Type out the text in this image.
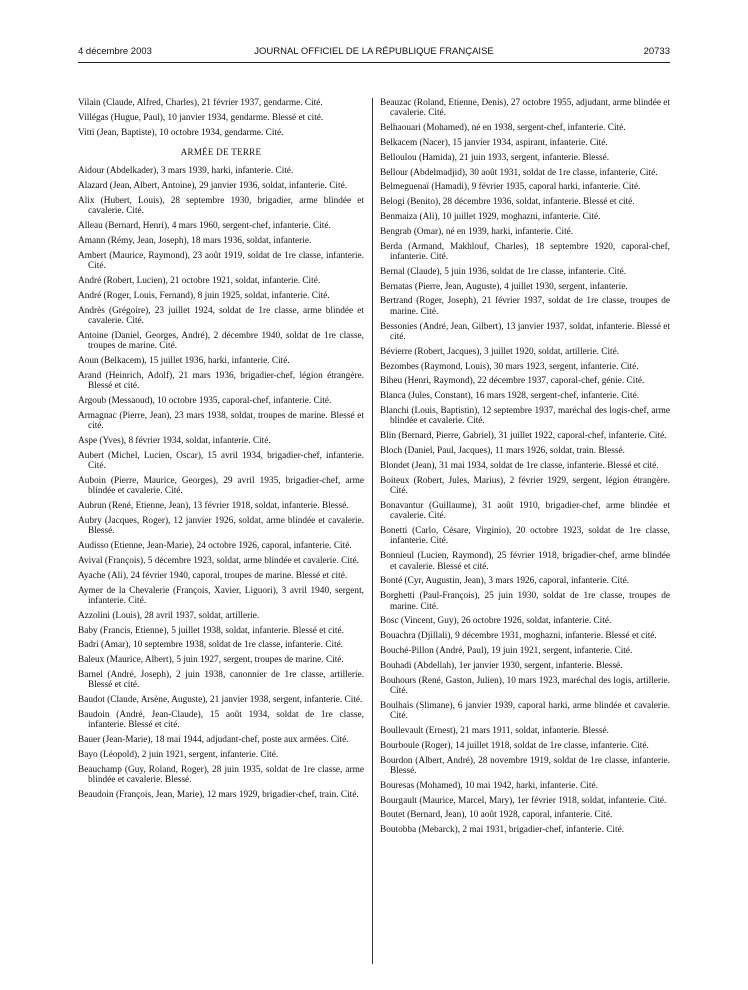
4 décembre 2003	JOURNAL OFFICIEL DE LA RÉPUBLIQUE FRANÇAISE	20733
Vilain (Claude, Alfred, Charles), 21 février 1937, gendarme. Cité.
Villégas (Hugue, Paul), 10 janvier 1934, gendarme. Blessé et cité.
Vitti (Jean, Baptiste), 10 octobre 1934, gendarme. Cité.
ARMÉE DE TERRE
Aidour (Abdelkader), 3 mars 1939, harki, infanterie. Cité.
Alazard (Jean, Albert, Antoine), 29 janvier 1936, soldat, infanterie. Cité.
Alix (Hubert, Louis), 28 septembre 1930, brigadier, arme blindée et cavalerie. Cité.
Alleau (Bernard, Henri), 4 mars 1960, sergent-chef, infanterie. Cité.
Amann (Rémy, Jean, Joseph), 18 mars 1936, soldat, infanterie.
Ambert (Maurice, Raymond), 23 août 1919, soldat de 1re classe, infanterie. Cité.
André (Robert, Lucien), 21 octobre 1921, soldat, infanterie. Cité.
André (Roger, Louis, Fernand), 8 juin 1925, soldat, infanterie. Cité.
Andrès (Grégoire), 23 juillet 1924, soldat de 1re classe, arme blindée et cavalerie. Cité.
Antoine (Daniel, Georges, André), 2 décembre 1940, soldat de 1re classe, troupes de marine. Cité.
Aoun (Belkacem), 15 juillet 1936, harki, infanterie. Cité.
Arand (Heinrich, Adolf), 21 mars 1936, brigadier-chef, légion étrangère. Blessé et cité.
Argoub (Messaoud), 10 octobre 1935, caporal-chef, infanterie. Cité.
Armagnac (Pierre, Jean), 23 mars 1938, soldat, troupes de marine. Blessé et cité.
Aspe (Yves), 8 février 1934, soldat, infanterie. Cité.
Aubert (Michel, Lucien, Oscar), 15 avril 1934, brigadier-chef, infanterie. Cité.
Auboin (Pierre, Maurice, Georges), 29 avril 1935, brigadier-chef, arme blindée et cavalerie. Cité.
Aubrun (René, Etienne, Jean), 13 février 1918, soldat, infanterie. Blessé.
Aubry (Jacques, Roger), 12 janvier 1926, soldat, arme blindée et cavalerie. Blessé.
Audisso (Etienne, Jean-Marie), 24 octobre 1926, caporal, infanterie. Cité.
Avival (François), 5 décembre 1923, soldat, arme blindée et cavalerie. Cité.
Ayache (Ali), 24 février 1940, caporal, troupes de marine. Blessé et cité.
Aymer de la Chevalerie (François, Xavier, Liguori), 3 avril 1940, sergent, infanterie. Cité.
Azzolini (Louis), 28 avril 1937, soldat, artillerie.
Baby (Francis, Etienne), 5 juillet 1938, soldat, infanterie. Blessé et cité.
Badri (Amar), 10 septembre 1938, soldat de 1re classe, infanterie. Cité.
Baleux (Maurice, Albert), 5 juin 1927, sergent, troupes de marine. Cité.
Barnel (André, Joseph), 2 juin 1938, canonnier de 1re classe, artillerie. Blessé et cité.
Baudot (Claude, Arsène, Auguste), 21 janvier 1938, sergent, infanterie. Cité.
Baudoin (André, Jean-Claude), 15 août 1934, soldat de 1re classe, infanterie. Blessé et cité.
Bauer (Jean-Marie), 18 mai 1944, adjudant-chef, poste aux armées. Cité.
Bayo (Léopold), 2 juin 1921, sergent, infanterie. Cité.
Beauchamp (Guy, Roland, Roger), 28 juin 1935, soldat de 1re classe, arme blindée et cavalerie. Blessé.
Beaudoin (François, Jean, Marie), 12 mars 1929, brigadier-chef, train. Cité.
Beauzac (Roland, Etienne, Denis), 27 octobre 1955, adjudant, arme blindée et cavalerie. Cité.
Belhaouari (Mohamed), né en 1938, sergent-chef, infanterie. Cité.
Belkacem (Nacer), 15 janvier 1934, aspirant, infanterie. Cité.
Belloulou (Hamida), 21 juin 1933, sergent, infanterie. Blessé.
Bellour (Abdelmadjid), 30 août 1931, soldat de 1re classe, infanterie, Cité.
Belmeguenaï (Hamadi), 9 février 1935, caporal harki, infanterie. Cité.
Belogi (Benito), 28 décembre 1936, soldat, infanterie. Blessé et cité.
Benmaiza (Ali), 10 juillet 1929, moghazni, infanterie. Cité.
Bengrab (Omar), né en 1939, harki, infanterie. Cité.
Berda (Armand, Makhlouf, Charles), 18 septembre 1920, caporal-chef, infanterie. Cité.
Bernal (Claude), 5 juin 1936, soldat de 1re classe, infanterie. Cité.
Bernatas (Pierre, Jean, Auguste), 4 juillet 1930, sergent, infanterie.
Bertrand (Roger, Joseph), 21 février 1937, soldat de 1re classe, troupes de marine. Cité.
Bessonies (André, Jean, Gilbert), 13 janvier 1937, soldat, infanterie. Blessé et cité.
Bévierre (Robert, Jacques), 3 juillet 1920, soldat, artillerie. Cité.
Bezombes (Raymond, Louis), 30 mars 1923, sergent, infanterie. Cité.
Biheu (Henri, Raymond), 22 décembre 1937, caporal-chef, génie. Cité.
Blanca (Jules, Constant), 16 mars 1928, sergent-chef, infanterie. Cité.
Blanchi (Louis, Baptistin), 12 septembre 1937, maréchal des logis-chef, arme blindée et cavalerie. Cité.
Blin (Bernard, Pierre, Gabriel), 31 juillet 1922, caporal-chef, infanterie. Cité.
Bloch (Daniel, Paul, Jacques), 11 mars 1926, soldat, train. Blessé.
Blondet (Jean), 31 mai 1934, soldat de 1re classe, infanterie. Blessé et cité.
Boiteux (Robert, Jules, Marius), 2 février 1929, sergent, légion étrangère. Cité.
Bonavantur (Guillaume), 31 août 1910, brigadier-chef, arme blindée et cavalerie. Cité.
Bonetti (Carlo, Césare, Virginio), 20 octobre 1923, soldat de 1re classe, infanterie. Cité.
Bonnieul (Lucien, Raymond), 25 février 1918, brigadier-chef, arme blindée et cavalerie. Blessé et cité.
Bonté (Cyr, Augustin, Jean), 3 mars 1926, caporal, infanterie. Cité.
Borghetti (Paul-François), 25 juin 1930, soldat de 1re classe, troupes de marine. Cité.
Bosc (Vincent, Guy), 26 octobre 1926, soldat, infanterie. Cité.
Bouachra (Djillali), 9 décembre 1931, moghazni, infanterie. Blessé et cité.
Bouché-Pillon (André, Paul), 19 juin 1921, sergent, infanterie. Cité.
Bouhadi (Abdellah), 1er janvier 1930, sergent, infanterie. Blessé.
Bouhours (René, Gaston, Julien), 10 mars 1923, maréchal des logis, artillerie. Cité.
Boulhaïs (Slimane), 6 janvier 1939, caporal harki, arme blindée et cavalerie. Cité.
Boullevault (Ernest), 21 mars 1911, soldat, infanterie. Blessé.
Bourboule (Roger), 14 juillet 1918, soldat de 1re classe, infanterie. Cité.
Bourdon (Albert, André), 28 novembre 1919, soldat de 1re classe, infanterie. Blessé.
Bouresas (Mohamed), 10 mai 1942, harki, infanterie. Cité.
Bourgault (Maurice, Marcel, Mary), 1er février 1918, soldat, infanterie. Cité.
Boutet (Bernard, Jean), 10 août 1928, caporal, infanterie. Cité.
Boutobba (Mebarck), 2 mai 1931, brigadier-chef, infanterie. Cité.
